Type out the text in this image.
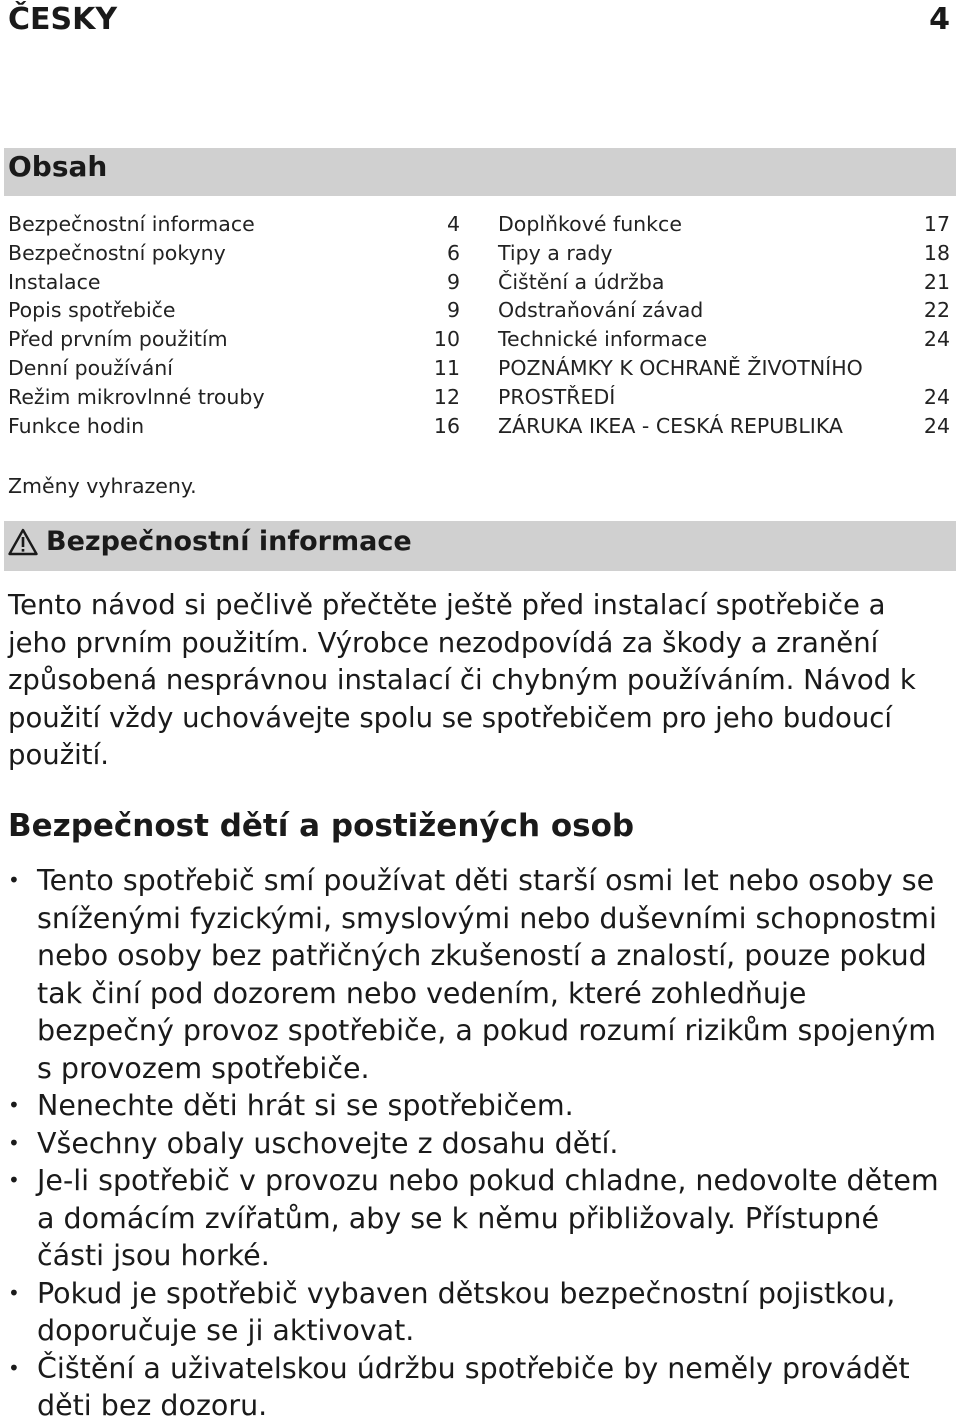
ČESKY	4
Obsah
Bezpečnostní informace	4
Bezpečnostní pokyny	6
Instalace	9
Popis spotřebiče	9
Před prvním použitím	10
Denní používání	11
Režim mikrovlnné trouby	12
Funkce hodin	16
Doplňkové funkce	17
Tipy a rady	18
Čištění a údržba	21
Odstraňování závad	22
Technické informace	24
POZNÁMKY K OCHRANĚ ŽIVOTNÍHO
PROSTŘEDÍ	24
ZÁRUKA IKEA - CESKÁ REPUBLIKA	24
Změny vyhrazeny.
Bezpečnostní informace
Tento návod si pečlivě přečtěte ještě před instalací spotřebiče a jeho prvním použitím. Výrobce nezodpovídá za škody a zranění způsobená nesprávnou instalací či chybným používáním. Návod k použití vždy uchovávejte spolu se spotřebičem pro jeho budoucí použití.
Bezpečnost dětí a postižených osob
• Tento spotřebič smí používat děti starší osmi let nebo osoby se sníženými fyzickými, smyslovými nebo duševními schopnostmi nebo osoby bez patřičných zkušeností a znalostí, pouze pokud tak činí pod dozorem nebo vedením, které zohledňuje bezpečný provoz spotřebiče, a pokud rozumí rizikům spojeným s provozem spotřebiče.
• Nenechte děti hrát si se spotřebičem.
• Všechny obaly uschovejte z dosahu dětí.
• Je-li spotřebič v provozu nebo pokud chladne, nedovolte dětem a domácím zvířatům, aby se k němu přibližovaly. Přístupné části jsou horké.
• Pokud je spotřebič vybaven dětskou bezpečnostní pojistkou, doporučuje se ji aktivovat.
• Čištění a uživatelskou údržbu spotřebiče by neměly provádět děti bez dozoru.
